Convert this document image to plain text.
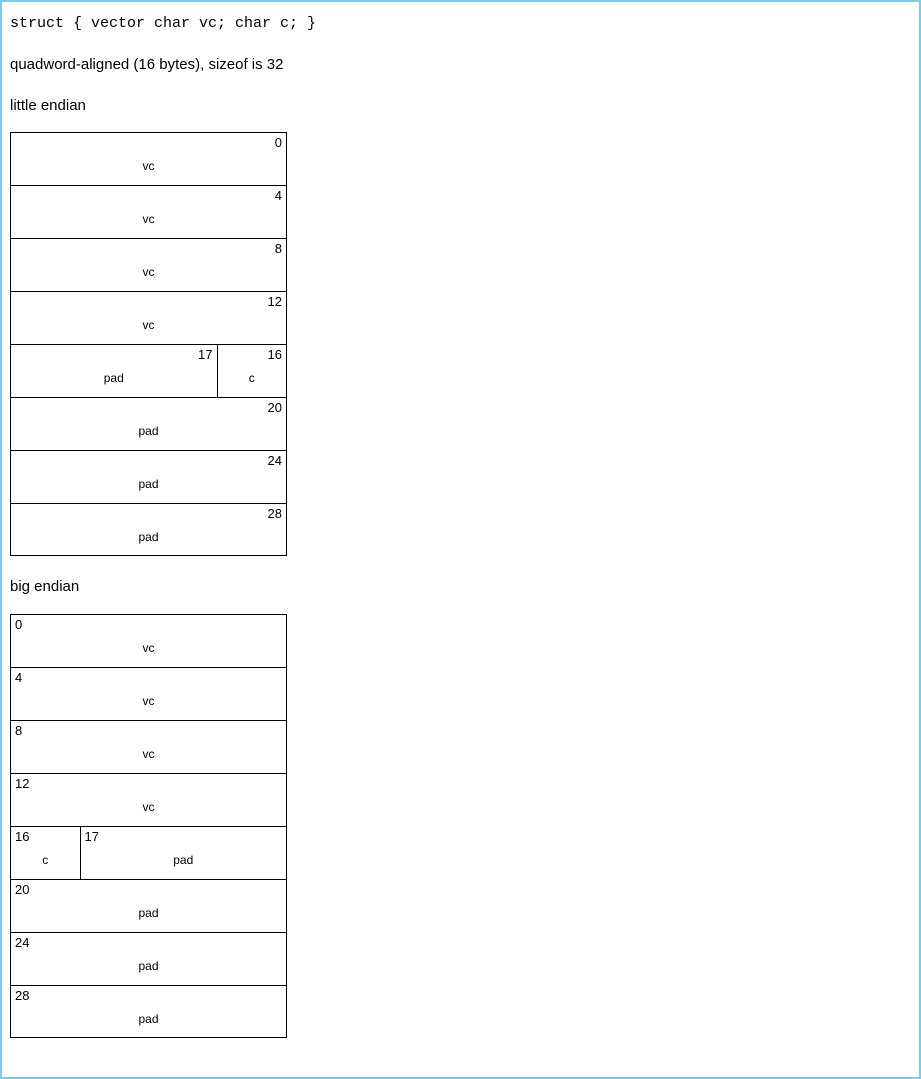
struct { vector char vc; char c; }
quadword-aligned (16 bytes), sizeof is 32
little endian
0
vc
4
vc
8
vc
12
vc
17
pad
16
c
20
pad
24
pad
28
pad
big endian
0
vc
4
vc
8
vc
12
vc
16
c
17
pad
20
pad
24
pad
28
pad
